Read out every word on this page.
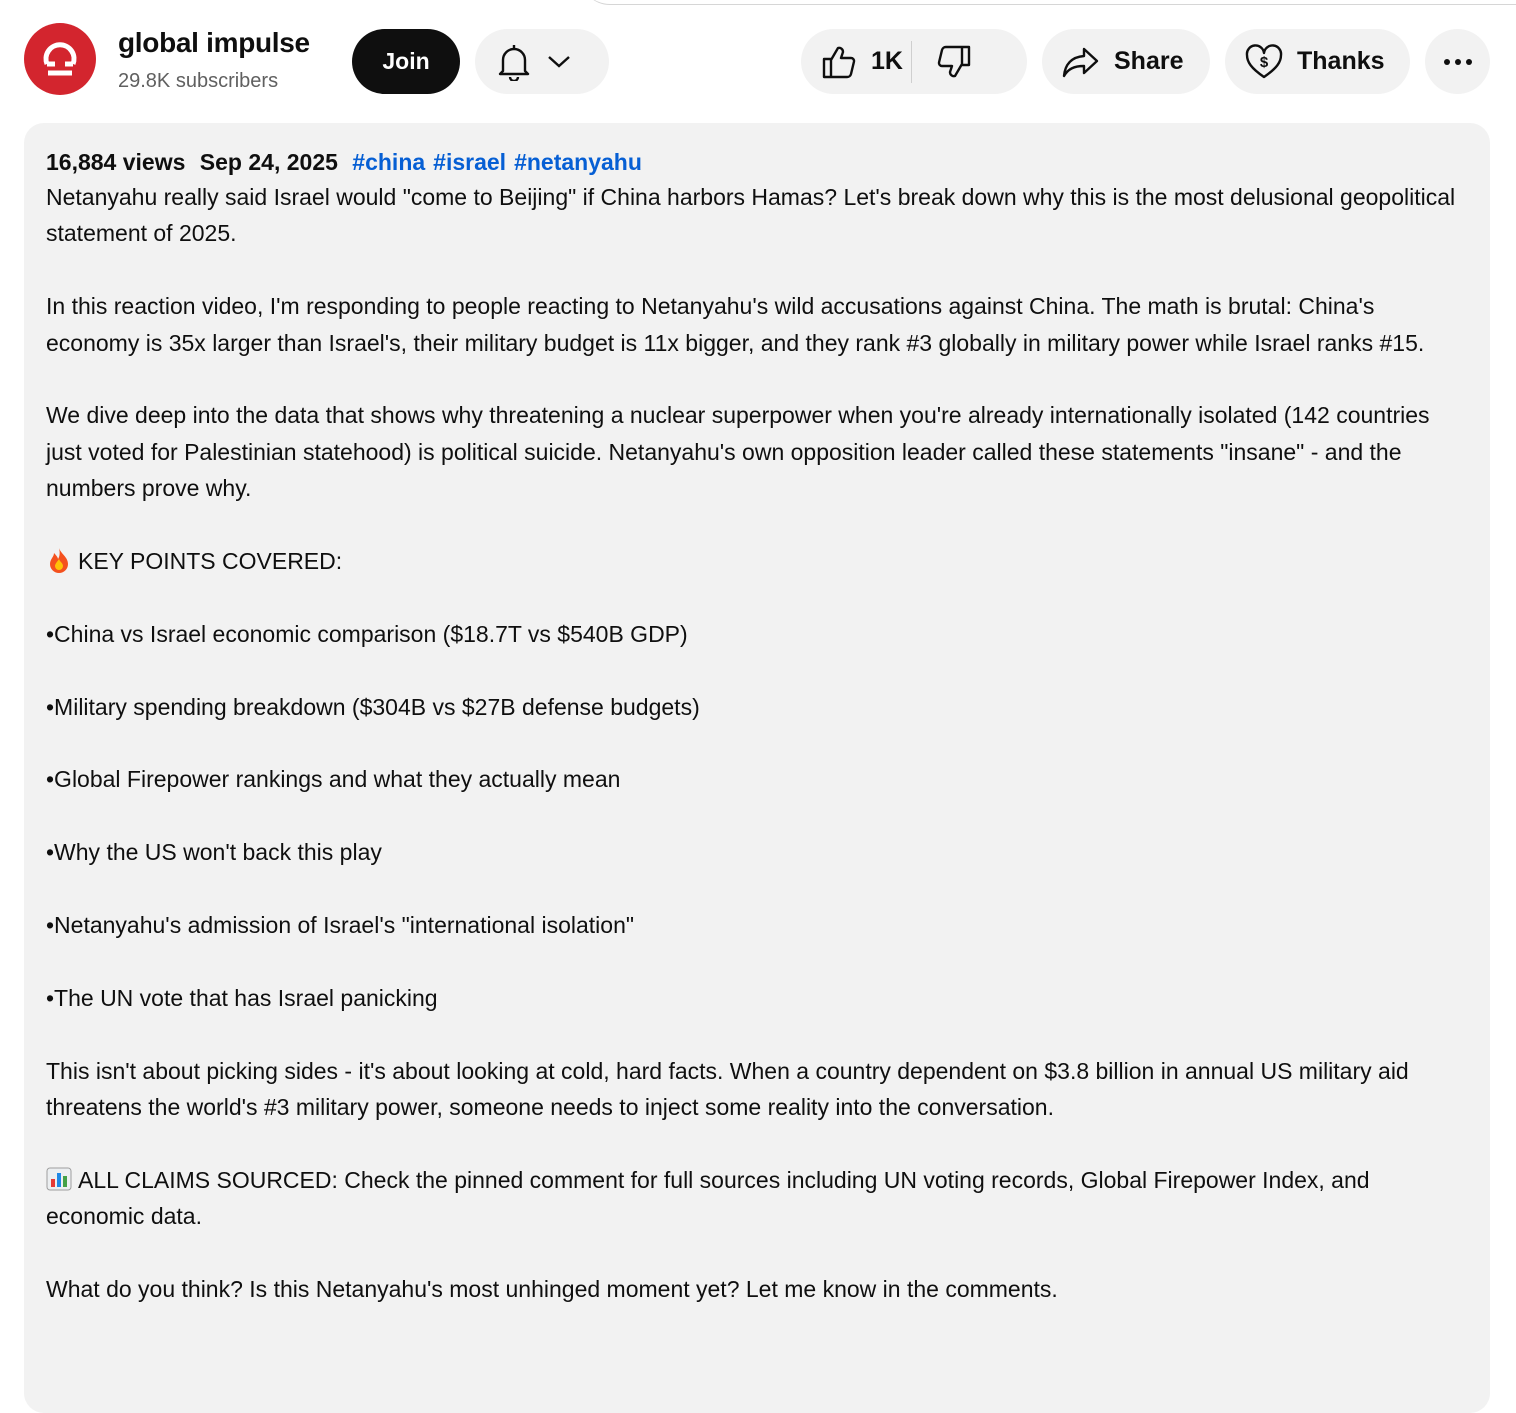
global impulse
29.8K subscribers
Join	1K	Share	$ Thanks
16,884 views Sep 24, 2025 #china #israel #netanyahu

Netanyahu really said Israel would "come to Beijing" if China harbors Hamas? Let's break down why this is the most delusional geopolitical statement of 2025.

In this reaction video, I'm responding to people reacting to Netanyahu's wild accusations against China. The math is brutal: China's economy is 35x larger than Israel's, their military budget is 11x bigger, and they rank #3 globally in military power while Israel ranks #15.

We dive deep into the data that shows why threatening a nuclear superpower when you're already internationally isolated (142 countries just voted for Palestinian statehood) is political suicide. Netanyahu's own opposition leader called these statements "insane" - and the numbers prove why.

KEY POINTS COVERED:

•China vs Israel economic comparison ($18.7T vs $540B GDP)

•Military spending breakdown ($304B vs $27B defense budgets)

•Global Firepower rankings and what they actually mean

•Why the US won't back this play

•Netanyahu's admission of Israel's "international isolation"

•The UN vote that has Israel panicking

This isn't about picking sides - it's about looking at cold, hard facts. When a country dependent on $3.8 billion in annual US military aid threatens the world's #3 military power, someone needs to inject some reality into the conversation.

ALL CLAIMS SOURCED: Check the pinned comment for full sources including UN voting records, Global Firepower Index, and economic data.

What do you think? Is this Netanyahu's most unhinged moment yet? Let me know in the comments.
